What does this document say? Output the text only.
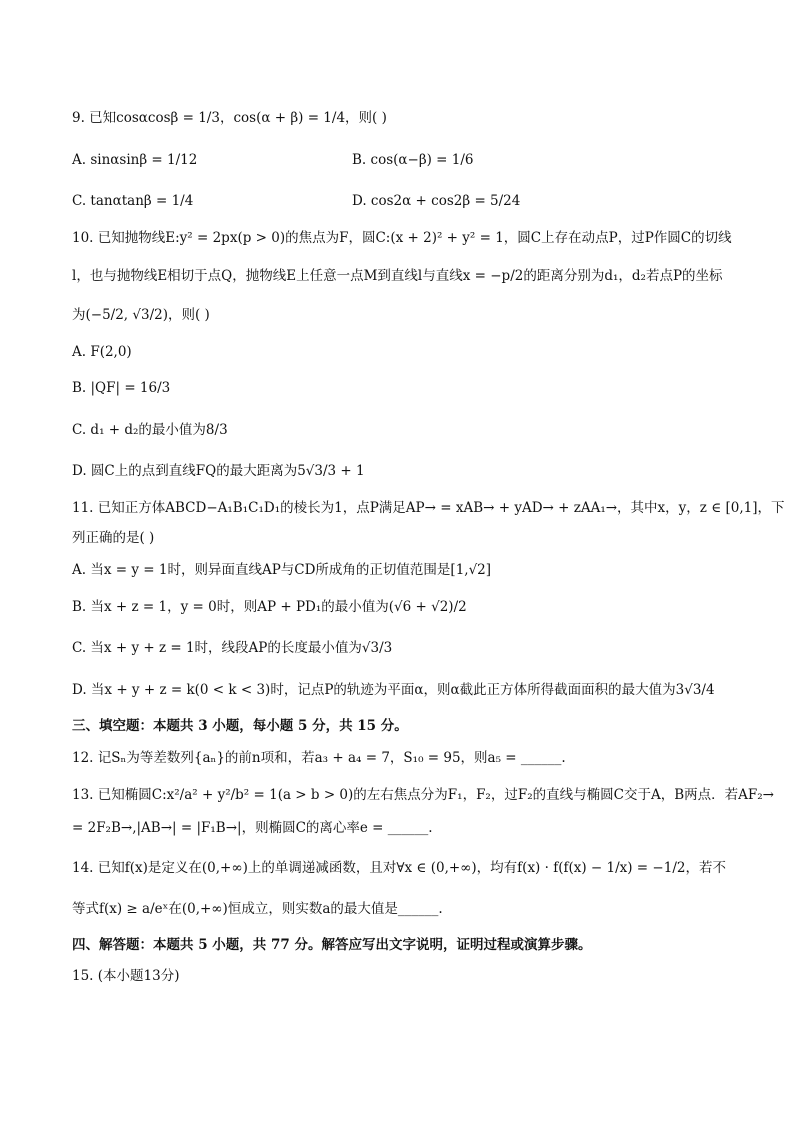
9. 已知cosαcosβ = 1/3，cos(α + β) = 1/4，则( )
A. sinαsinβ = 1/12	B. cos(α−β) = 1/6
C. tanαtanβ = 1/4	D. cos2α + cos2β = 5/24
10. 已知抛物线E:y² = 2px(p > 0)的焦点为F，圆C:(x + 2)² + y² = 1，圆C上存在动点P，过P作圆C的切线
l，也与抛物线E相切于点Q，抛物线E上任意一点M到直线l与直线x = −p/2的距离分别为d₁，d₂若点P的坐标
为(−5/2, √3/2)，则( )
A. F(2,0)
B. |QF| = 16/3
C. d₁ + d₂的最小值为8/3
D. 圆C上的点到直线FQ的最大距离为5√3/3 + 1
11. 已知正方体ABCD−A₁B₁C₁D₁的棱长为1，点P满足AP→ = xAB→ + yAD→ + zAA₁→，其中x，y，z ∈ [0,1]，下
列正确的是( )
A. 当x = y = 1时，则异面直线AP与CD所成角的正切值范围是[1,√2]
B. 当x + z = 1，y = 0时，则AP + PD₁的最小值为(√6 + √2)/2
C. 当x + y + z = 1时，线段AP的长度最小值为√3/3
D. 当x + y + z = k(0 < k < 3)时，记点P的轨迹为平面α，则α截此正方体所得截面面积的最大值为3√3/4
三、填空题：本题共 3 小题，每小题 5 分，共 15 分。
12. 记Sₙ为等差数列{aₙ}的前n项和，若a₃ + a₄ = 7，S₁₀ = 95，则a₅ = ______.
13. 已知椭圆C:x²/a² + y²/b² = 1(a > b > 0)的左右焦点分为F₁，F₂，过F₂的直线与椭圆C交于A，B两点．若AF₂→
= 2F₂B→,|AB→| = |F₁B→|，则椭圆C的离心率e = ______.
14. 已知f(x)是定义在(0,+∞)上的单调递减函数，且对∀x ∈ (0,+∞)，均有f(x) · f(f(x) − 1/x) = −1/2，若不
等式f(x) ≥ a/eˣ在(0,+∞)恒成立，则实数a的最大值是______.
四、解答题：本题共 5 小题，共 77 分。解答应写出文字说明，证明过程或演算步骤。
15. (本小题13分)
